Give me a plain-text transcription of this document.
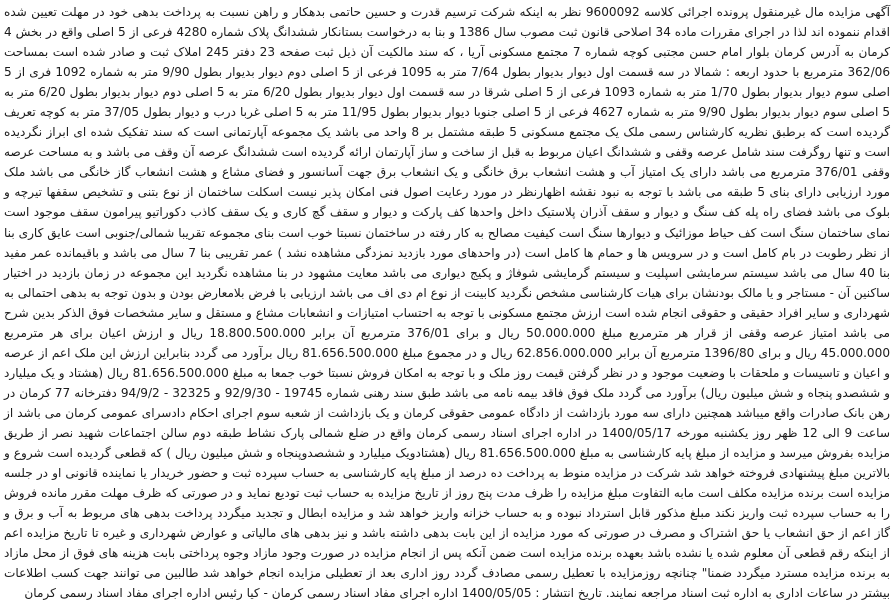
آگهی مزایده مال غیرمنقول پرونده اجرائی کلاسه 9600092 نظر به اینکه شرکت ترسیم قدرت و حسین حاتمی بدهکار و راهن نسبت به پرداخت بدهی خود در مهلت تعیین شده اقدام ننموده اند لذا در اجرای مقررات ماده 34 اصلاحی قانون ثبت مصوب سال 1386 و بنا به درخواست بستانکار ششدانگ پلاک شماره 4280 فرعی از 5 اصلی واقع در بخش 4 کرمان به آدرس کرمان بلوار امام حسن مجتبی کوچه شماره 7 مجتمع مسکونی آریا ، که سند مالکیت آن ذیل ثبت صفحه 23 دفتر 245 املاک ثبت و صادر شده است بمساحت 362/06 مترمربع با حدود اربعه : شمالا در سه قسمت اول دیوار بدیوار بطول 7/64 متر به 1095 فرعی از 5 اصلی دوم دیوار بدیوار بطول 9/90 متر به شماره 1092 فری از 5 اصلی سوم دیوار بدیوار بطول 1/70 متر به شماره 1093 فرعی از 5 اصلی شرقا در سه قسمت اول دیوار بدیوار بطول 6/20 متر به 5 اصلی دوم دیوار بدیوار بطول 6/20 متر به 5 اصلی سوم دیوار بدیوار بطول 9/90 متر به شماره 4627 فرعی از 5 اصلی جنوبا دیوار بدیوار بطول 11/95 متر به 5 اصلی غربا درب و دیوار بطول 37/05 متر به کوچه تعریف گردیده است که برطبق نظریه کارشناس رسمی ملک یک مجتمع مسکونی 5 طبقه مشتمل بر 8 واحد می باشد یک مجموعه آپارتمانی است که سند تفکیک شده ای ابراز نگردیده است و تنها روگرفت سند شامل عرصه وقفی و ششدانگ اعیان مربوط به قبل از ساخت و ساز آپارتمان ارائه گردیده است ششدانگ عرصه آن وقف می باشد و به مساحت عرصه وقفی 376/01 مترمربع می باشد دارای یک امتیاز آب و هشت انشعاب برق خانگی و یک انشعاب برق جهت آسانسور و فضای مشاع و هشت انشعاب گاز خانگی می باشد ملک مورد ارزیابی دارای بنای 5 طبقه می باشد با توجه به نبود نقشه اظهارنظر در مورد رعایت اصول فنی امکان پذیر نیست اسکلت ساختمان از نوع بتنی و تشخیص سقفها تیرچه و بلوک می باشد فضای راه پله کف سنگ و دیوار و سقف آذران پلاستیک داخل واحدها کف پارکت و دیوار و سقف گچ کاری و یک سقف کاذب دکوراتیو پیرامون سقف موجود است نمای ساختمان سنگ است کف حیاط موزائیک و دیوارها سنگ است کیفیت مصالح به کار رفته در ساختمان نسبتا خوب است بنای مجموعه تقریبا شمالی/جنوبی است عایق کاری بنا از نظر رطوبت در بام کامل است و در سرویس ها و حمام ها کامل است (در واحدهای مورد بازدید نمزدگی مشاهده نشد ) عمر تقریبی بنا 7 سال می باشد و باقیمانده عمر مفید بنا 40 سال می باشد سیستم سرمایشی اسپلیت و سیستم گرمایشی شوفاژ و پکیج دیواری می باشد معایت مشهود در بنا مشاهده نگردید این مجموعه در زمان بازدید در اختیار ساکنین آن - مستاجر و یا مالک بودنشان برای هیات کارشناسی مشخص نگردید کابینت از نوع ام دی اف می باشد ارزیابی با فرض بلامعارض بودن و بدون توجه به بدهی احتمالی به شهرداری و سایر افراد حقیقی و حقوقی انجام شده است ارزش مجتمع مسکونی با توجه به احتساب امتیازات و انشعابات مشاع و مستقل و سایر مشخصات فوق الذکر بدین شرح می باشد امتیاز عرصه وقفی از قرار هر مترمربع مبلغ 50.000.000 ریال و برای 376/01 مترمربع آن برابر 18.800.500.000 ریال و ارزش اعیان برای هر مترمربع 45.000.000 ریال و برای 1396/80 مترمربع آن برابر 62.856.000.000 ریال و در مجموع مبلغ 81.656.500.000 ریال برآورد می گردد بنابراین ارزش این ملک اعم از عرصه و اعیان و تاسیسات و ملحقات با وضعیت موجود و در نظر گرفتن قیمت روز ملک و با توجه به امکان فروش نسبتا خوب جمعا به مبلغ 81.656.500.000 ریال (هشتاد و یک میلیارد و ششصدو پنجاه و شش میلیون ریال) برآورد می گردد ملک فوق فاقد بیمه نامه می باشد طبق سند رهنی شماره 19745 - 92/9/30 و 32325 - 94/9/2 دفترخانه 77 کرمان در رهن بانک صادرات واقع میباشد همچنین دارای سه مورد بازداشت از دادگاه عمومی حقوقی کرمان و یک بازداشت از شعبه سوم اجرای احکام دادسرای عمومی کرمان می باشد از ساعت 9 الی 12 ظهر روز یکشنبه مورخه 1400/05/17 در اداره اجرای اسناد رسمی کرمان واقع در ضلع شمالی پارک نشاط طبقه دوم سالن اجتماعات شهید نصر از طریق مزایده بفروش میرسد و مزایده از مبلغ پایه کارشناسی به مبلغ 81.656.500.000 ریال (هشتادویک میلیارد و ششصدوپنجاه و شش میلیون ریال ) که قطعی گردیده است شروع و بالاترین مبلغ پیشنهادی فروخته خواهد شد شرکت در مزایده منوط به پرداخت ده درصد از مبلغ پایه کارشناسی به حساب سپرده ثبت و حضور خریدار یا نماینده قانونی او در جلسه مزایده است برنده مزایده مکلف است مابه التفاوت مبلغ مزایده را ظرف مدت پنج روز از تاریخ مزایده به حساب ثبت تودیع نماید و در صورتی که ظرف مهلت مقرر مانده فروش را به حساب سپرده ثبت واریز نکند مبلغ مذکور قابل استرداد نبوده و به حساب خزانه واریز خواهد شد و مزایده ابطال و تجدید میگردد پرداخت بدهی های مربوط به آب و برق و گاز اعم از حق انشعاب یا حق اشتراک و مصرف در صورتی که مورد مزایده از این بابت بدهی داشته باشد و نیز بدهی های مالیاتی و عوارض شهرداری و غیره تا تاریخ مزایده اعم از اینکه رقم قطعی آن معلوم شده یا نشده باشد بعهده برنده مزایده است ضمن آنکه پس از انجام مزایده در صورت وجود مازاد وجوه پرداختی بابت هزینه های فوق از محل مازاد به برنده مزایده مسترد میگردد ضمنا" چنانچه روزمزایده با تعطیل رسمی مصادف گردد روز اداری بعد از تعطیلی مزایده انجام خواهد شد طالبین می توانند جهت کسب اطلاعات بیشتر در ساعات اداری به اداره ثبت اسناد مراجعه نمایند. تاریخ انتشار : 1400/05/05 اداره اجرای مفاد اسناد رسمی کرمان - کیا رئیس اداره اجرای مفاد اسناد رسمی کرمان
